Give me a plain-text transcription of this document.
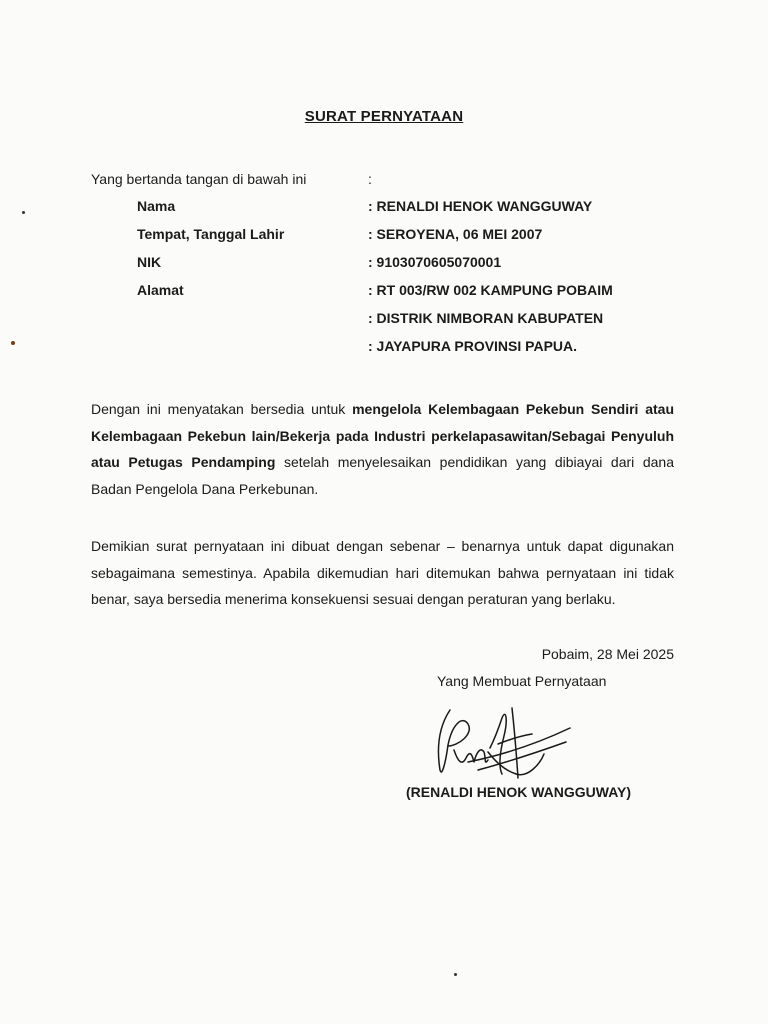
SURAT PERNYATAAN
Yang bertanda tangan di bawah ini	:
Nama	: RENALDI HENOK WANGGUWAY
Tempat, Tanggal Lahir	: SEROYENA, 06 MEI 2007
NIK	: 9103070605070001
Alamat	: RT 003/RW 002 KAMPUNG POBAIM
: DISTRIK NIMBORAN KABUPATEN
: JAYAPURA PROVINSI PAPUA.
Dengan ini menyatakan bersedia untuk mengelola Kelembagaan Pekebun Sendiri atau Kelembagaan Pekebun lain/Bekerja pada Industri perkelapasawitan/Sebagai Penyuluh atau Petugas Pendamping setelah menyelesaikan pendidikan yang dibiayai dari dana Badan Pengelola Dana Perkebunan.
Demikian surat pernyataan ini dibuat dengan sebenar – benarnya untuk dapat digunakan sebagaimana semestinya. Apabila dikemudian hari ditemukan bahwa pernyataan ini tidak benar, saya bersedia menerima konsekuensi sesuai dengan peraturan yang berlaku.
Pobaim, 28 Mei 2025
Yang Membuat Pernyataan
(RENALDI HENOK WANGGUWAY)
